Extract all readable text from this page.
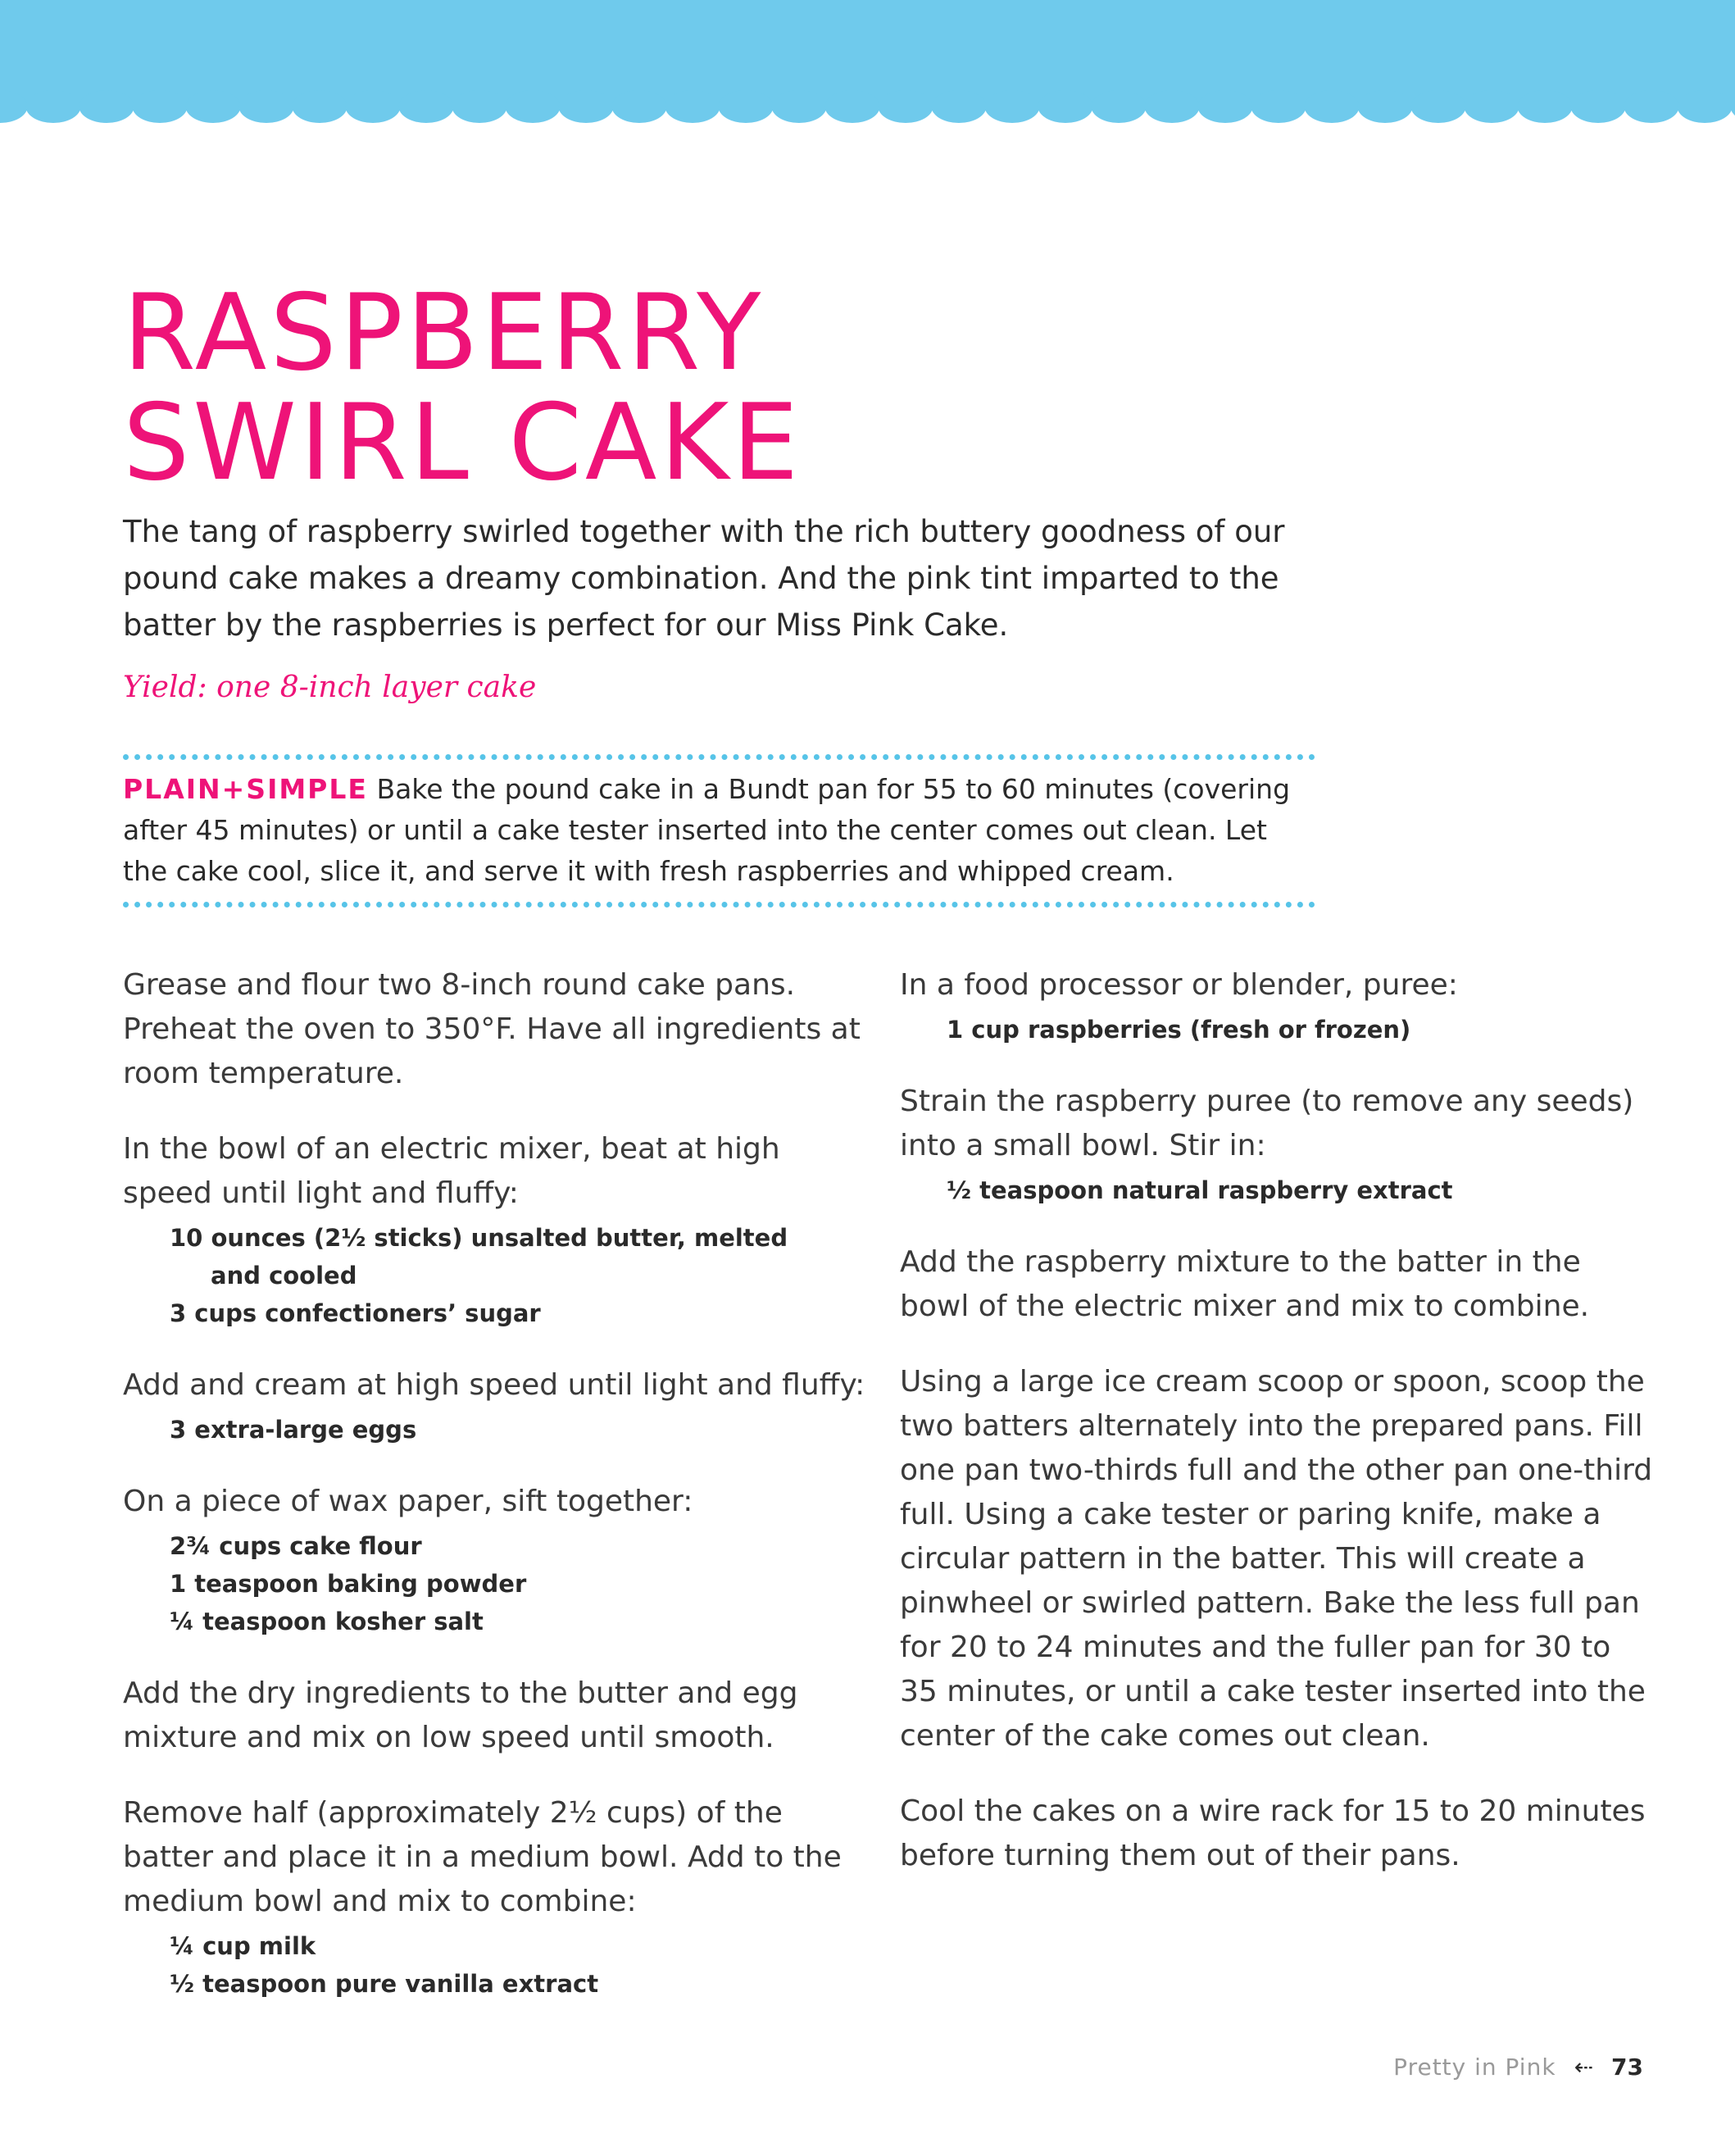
RASPBERRY
SWIRL CAKE

The tang of raspberry swirled together with the rich buttery goodness of our pound cake makes a dreamy combination. And the pink tint imparted to the batter by the raspberries is perfect for our Miss Pink Cake.

Yield: one 8-inch layer cake

PLAIN+SIMPLE Bake the pound cake in a Bundt pan for 55 to 60 minutes (covering after 45 minutes) or until a cake tester inserted into the center comes out clean. Let the cake cool, slice it, and serve it with fresh raspberries and whipped cream.

Grease and flour two 8-inch round cake pans. Preheat the oven to 350°F. Have all ingredients at room temperature.

In the bowl of an electric mixer, beat at high speed until light and fluffy:

10 ounces (2½ sticks) unsalted butter, melted
and cooled
3 cups confectioners’ sugar

Add and cream at high speed until light and fluffy:

3 extra-large eggs

On a piece of wax paper, sift together:

2¾ cups cake flour
1 teaspoon baking powder
¼ teaspoon kosher salt

Add the dry ingredients to the butter and egg mixture and mix on low speed until smooth.

Remove half (approximately 2½ cups) of the batter and place it in a medium bowl. Add to the medium bowl and mix to combine:

¼ cup milk
½ teaspoon pure vanilla extract

In a food processor or blender, puree:

1 cup raspberries (fresh or frozen)

Strain the raspberry puree (to remove any seeds) into a small bowl. Stir in:

½ teaspoon natural raspberry extract

Add the raspberry mixture to the batter in the bowl of the electric mixer and mix to combine.

Using a large ice cream scoop or spoon, scoop the two batters alternately into the prepared pans. Fill one pan two-thirds full and the other pan one-third full. Using a cake tester or paring knife, make a circular pattern in the batter. This will create a pinwheel or swirled pattern. Bake the less full pan for 20 to 24 minutes and the fuller pan for 30 to 35 minutes, or until a cake tester inserted into the center of the cake comes out clean.

Cool the cakes on a wire rack for 15 to 20 minutes before turning them out of their pans.

Pretty in Pink ⇠ 73
